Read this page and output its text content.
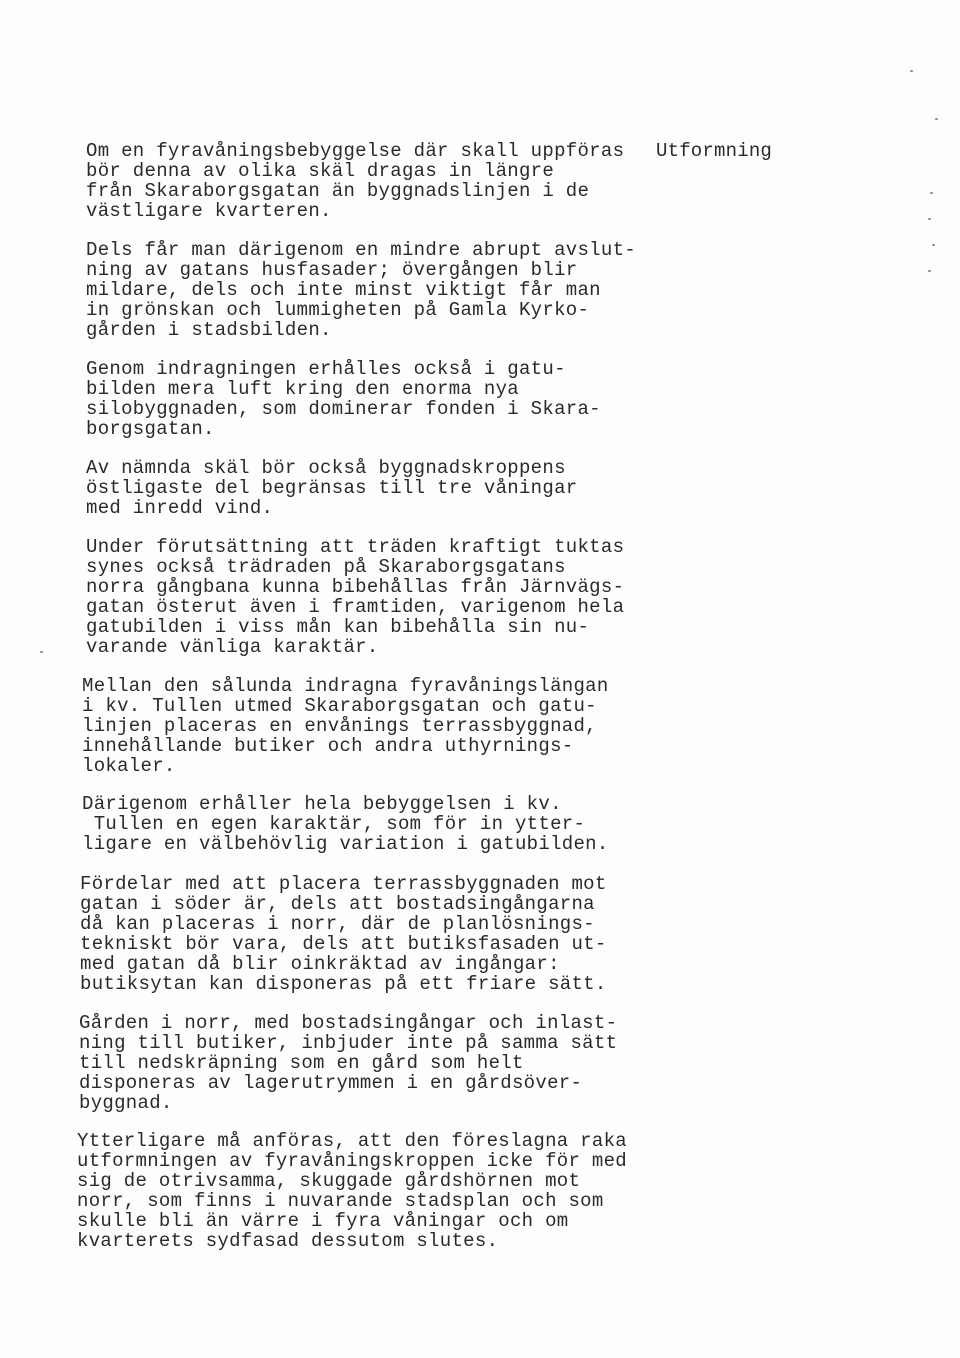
Utformning
Om en fyravåningsbebyggelse där skall uppföras
bör denna av olika skäl dragas in längre
från Skaraborgsgatan än byggnadslinjen i de
västligare kvarteren.
Dels får man därigenom en mindre abrupt avslut-
ning av gatans husfasader; övergången blir
mildare, dels och inte minst viktigt får man
in grönskan och lummigheten på Gamla Kyrko-
gården i stadsbilden.
Genom indragningen erhålles också i gatu-
bilden mera luft kring den enorma nya
silobyggnaden, som dominerar fonden i Skara-
borgsgatan.
Av nämnda skäl bör också byggnadskroppens
östligaste del begränsas till tre våningar
med inredd vind.
Under förutsättning att träden kraftigt tuktas
synes också trädraden på Skaraborgsgatans
norra gångbana kunna bibehållas från Järnvägs-
gatan österut även i framtiden, varigenom hela
gatubilden i viss mån kan bibehålla sin nu-
varande vänliga karaktär.
Mellan den sålunda indragna fyravåningslängan
i kv. Tullen utmed Skaraborgsgatan och gatu-
linjen placeras en envånings terrassbyggnad,
innehållande butiker och andra uthyrnings-
lokaler.
Därigenom erhåller hela bebyggelsen i kv.
Tullen en egen karaktär, som för in ytter-
ligare en välbehövlig variation i gatubilden.
Fördelar med att placera terrassbyggnaden mot
gatan i söder är, dels att bostadsingångarna
då kan placeras i norr, där de planlösnings-
tekniskt bör vara, dels att butiksfasaden ut-
med gatan då blir oinkräktad av ingångar:
butiksytan kan disponeras på ett friare sätt.
Gården i norr, med bostadsingångar och inlast-
ning till butiker, inbjuder inte på samma sätt
till nedskräpning som en gård som helt
disponeras av lagerutrymmen i en gårdsöver-
byggnad.
Ytterligare må anföras, att den föreslagna raka
utformningen av fyravåningskroppen icke för med
sig de otrivsamma, skuggade gårdshörnen mot
norr, som finns i nuvarande stadsplan och som
skulle bli än värre i fyra våningar och om
kvarterets sydfasad dessutom slutes.
